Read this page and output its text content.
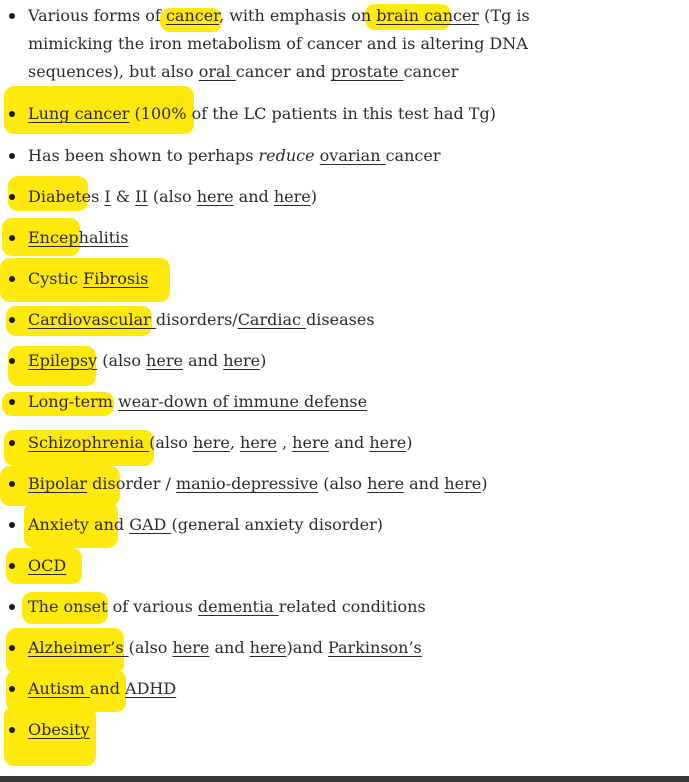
Various forms of cancer, with emphasis on brain cancer (Tg is mimicking the iron metabolism of cancer and is altering DNA sequences), but also oral cancer and prostate cancer
Lung cancer (100% of the LC patients in this test had Tg)
Has been shown to perhaps reduce ovarian cancer
Diabetes I & II (also here and here)
Encephalitis
Cystic Fibrosis
Cardiovascular disorders/Cardiac diseases
Epilepsy (also here and here)
Long-term wear-down of immune defense
Schizophrenia (also here, here , here and here)
Bipolar disorder / manio-depressive (also here and here)
Anxiety and GAD (general anxiety disorder)
OCD
The onset of various dementia related conditions
Alzheimer’s (also here and here)and Parkinson’s
Autism and ADHD
Obesity
